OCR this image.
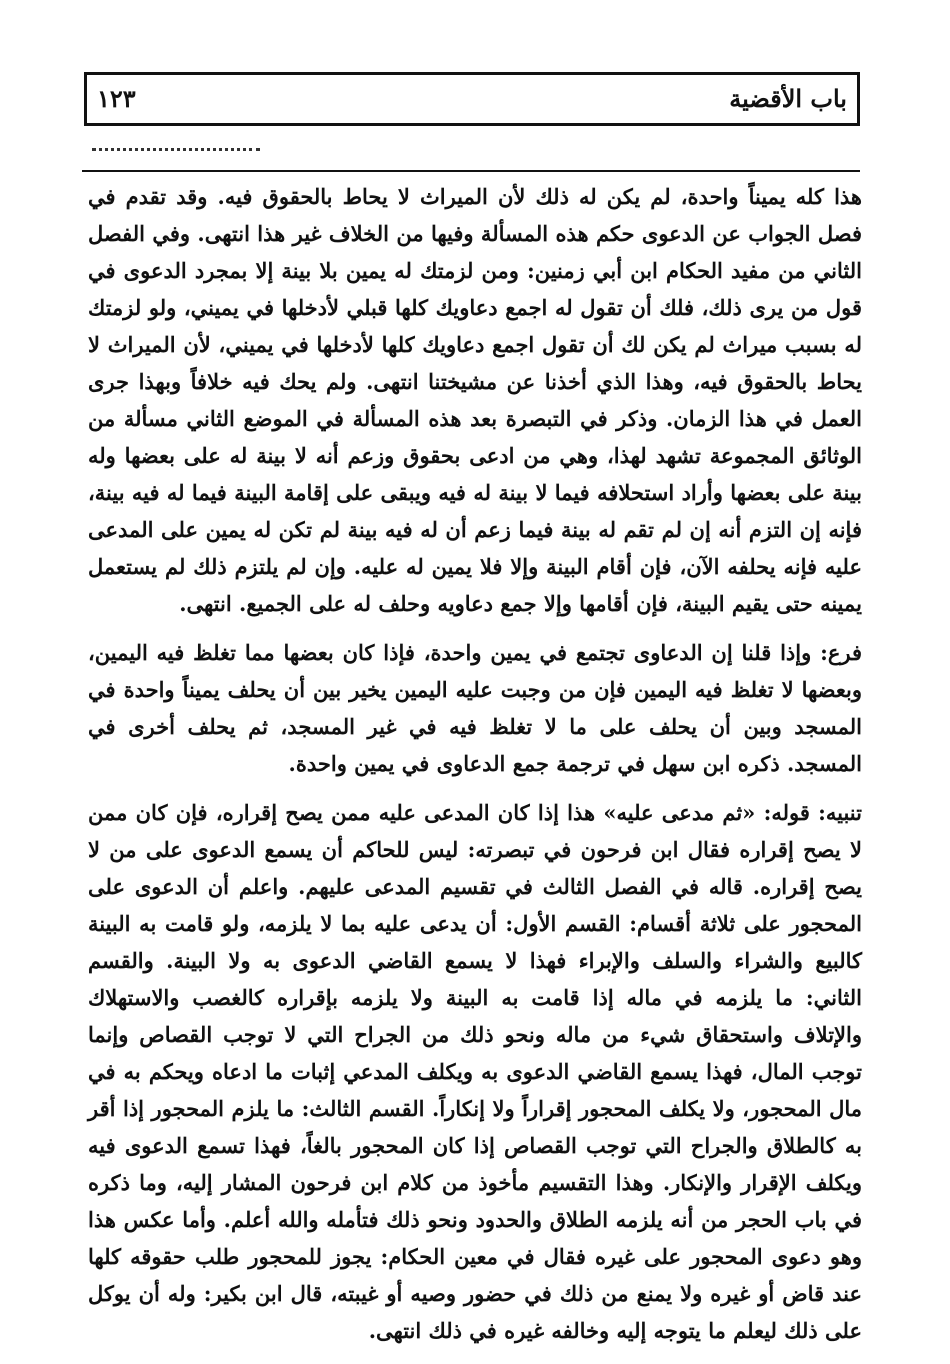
باب الأقضية
١٢٣

هذا كله يميناً واحدة، لم يكن له ذلك لأن الميراث لا يحاط بالحقوق فيه. وقد تقدم في فصل الجواب عن الدعوى حكم هذه المسألة وفيها من الخلاف غير هذا انتهى. وفي الفصل الثاني من مفيد الحكام ابن أبي زمنين: ومن لزمتك له يمين بلا بينة إلا بمجرد الدعوى في قول من يرى ذلك، فلك أن تقول له اجمع دعاويك كلها قبلي لأدخلها في يميني، ولو لزمتك له بسبب ميراث لم يكن لك أن تقول اجمع دعاويك كلها لأدخلها في يميني، لأن الميراث لا يحاط بالحقوق فيه، وهذا الذي أخذنا عن مشيختنا انتهى. ولم يحك فيه خلافاً وبهذا جرى العمل في هذا الزمان. وذكر في التبصرة بعد هذه المسألة في الموضع الثاني مسألة من الوثائق المجموعة تشهد لهذا، وهي من ادعى بحقوق وزعم أنه لا بينة له على بعضها وله بينة على بعضها وأراد استحلافه فيما لا بينة له فيه ويبقى على إقامة البينة فيما له فيه بينة، فإنه إن التزم أنه إن لم تقم له بينة فيما زعم أن له فيه بينة لم تكن له يمين على المدعى عليه فإنه يحلفه الآن، فإن أقام البينة وإلا فلا يمين له عليه. وإن لم يلتزم ذلك لم يستعمل يمينه حتى يقيم البينة، فإن أقامها وإلا جمع دعاويه وحلف له على الجميع. انتهى.

فرع: وإذا قلنا إن الدعاوى تجتمع في يمين واحدة، فإذا كان بعضها مما تغلظ فيه اليمين، وبعضها لا تغلظ فيه اليمين فإن من وجبت عليه اليمين يخير بين أن يحلف يميناً واحدة في المسجد وبين أن يحلف على ما لا تغلظ فيه في غير المسجد، ثم يحلف أخرى في المسجد. ذكره ابن سهل في ترجمة جمع الدعاوى في يمين واحدة.

تنبيه: قوله: «ثم مدعى عليه» هذا إذا كان المدعى عليه ممن يصح إقراره، فإن كان ممن لا يصح إقراره فقال ابن فرحون في تبصرته: ليس للحاكم أن يسمع الدعوى على من لا يصح إقراره. قاله في الفصل الثالث في تقسيم المدعى عليهم. واعلم أن الدعوى على المحجور على ثلاثة أقسام: القسم الأول: أن يدعى عليه بما لا يلزمه، ولو قامت به البينة كالبيع والشراء والسلف والإبراء فهذا لا يسمع القاضي الدعوى به ولا البينة. والقسم الثاني: ما يلزمه في ماله إذا قامت به البينة ولا يلزمه بإقراره كالغصب والاستهلاك والإتلاف واستحقاق شيء من ماله ونحو ذلك من الجراح التي لا توجب القصاص وإنما توجب المال، فهذا يسمع القاضي الدعوى به ويكلف المدعي إثبات ما ادعاه ويحكم به في مال المحجور، ولا يكلف المحجور إقراراً ولا إنكاراً. القسم الثالث: ما يلزم المحجور إذا أقر به كالطلاق والجراح التي توجب القصاص إذا كان المحجور بالغاً، فهذا تسمع الدعوى فيه ويكلف الإقرار والإنكار. وهذا التقسيم مأخوذ من كلام ابن فرحون المشار إليه، وما ذكره في باب الحجر من أنه يلزمه الطلاق والحدود ونحو ذلك فتأمله والله أعلم. وأما عكس هذا وهو دعوى المحجور على غيره فقال في معين الحكام: يجوز للمحجور طلب حقوقه كلها عند قاض أو غيره ولا يمنع من ذلك في حضور وصيه أو غيبته، قال ابن بكير: وله أن يوكل على ذلك ليعلم ما يتوجه إليه وخالفه غيره في ذلك انتهى.
